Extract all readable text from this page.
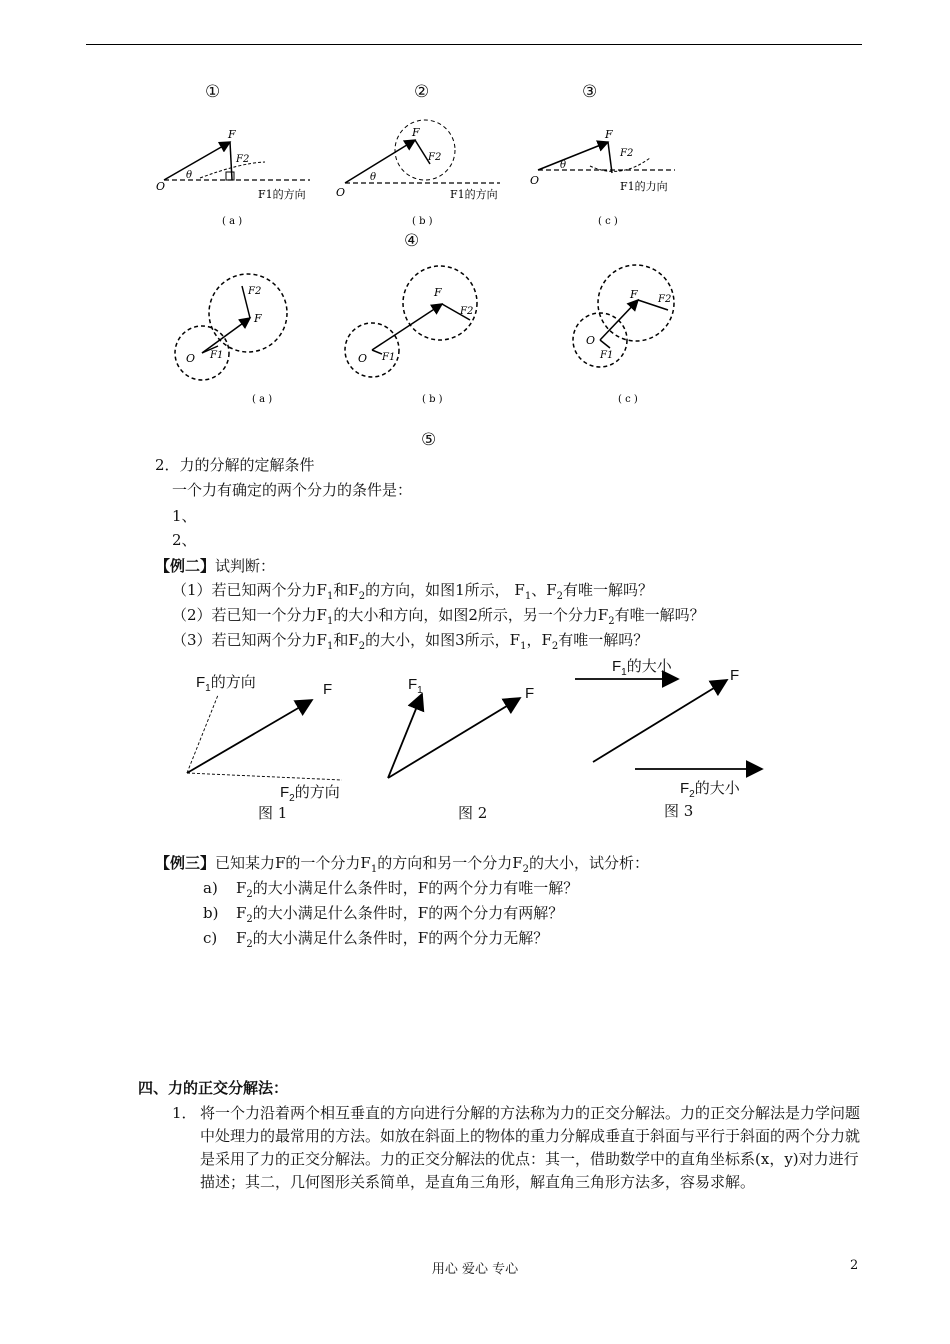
①	②	③
④
⑤
O
F
F2
θ
F1的方向
( a )
O
F
F2
θ
F1的方向
( b )
O
F
F2
θ
F1的力向
( c )
O
F
F1
F2
( a )
O
F
F1
F2
( b )
O
F
F1
F2
( c )
2．力的分解的定解条件
一个力有确定的两个分力的条件是：
1、
2、
【例二】试判断：
（1）若已知两个分力$F_1$和$F_2$的方向，如图1所示， $F_1$、$F_2$有唯一解吗？
（2）若已知一个分力$F_1$的大小和方向，如图2所示，另一个分力$F_2$有唯一解吗？
（3）若已知两个分力$F_1$和$F_2$的大小，如图3所示，$F_1$，$F_2$有唯一解吗？
$F_1$的方向	F
$F_2$的方向
$F_1$	F
$F_1$的大小
F
$F_2$的大小
图 1	图 2	图 3
【例三】已知某力F的一个分力$F_1$的方向和另一个分力$F_2$的大小，试分析：
a) $F_2$的大小满足什么条件时，F的两个分力有唯一解？
b) $F_2$的大小满足什么条件时，F的两个分力有两解？
c) $F_2$的大小满足什么条件时，F的两个分力无解？
四、力的正交分解法：
1． 将一个力沿着两个相互垂直的方向进行分解的方法称为力的正交分解法。力的正交分解法是力学问题中处理力的最常用的方法。如放在斜面上的物体的重力分解成垂直于斜面与平行于斜面的两个分力就是采用了力的正交分解法。力的正交分解法的优点：其一，借助数学中的直角坐标系(x，y)对力进行描述；其二，几何图形关系简单，是直角三角形，解直角三角形方法多，容易求解。
用心 爱心 专心	2
